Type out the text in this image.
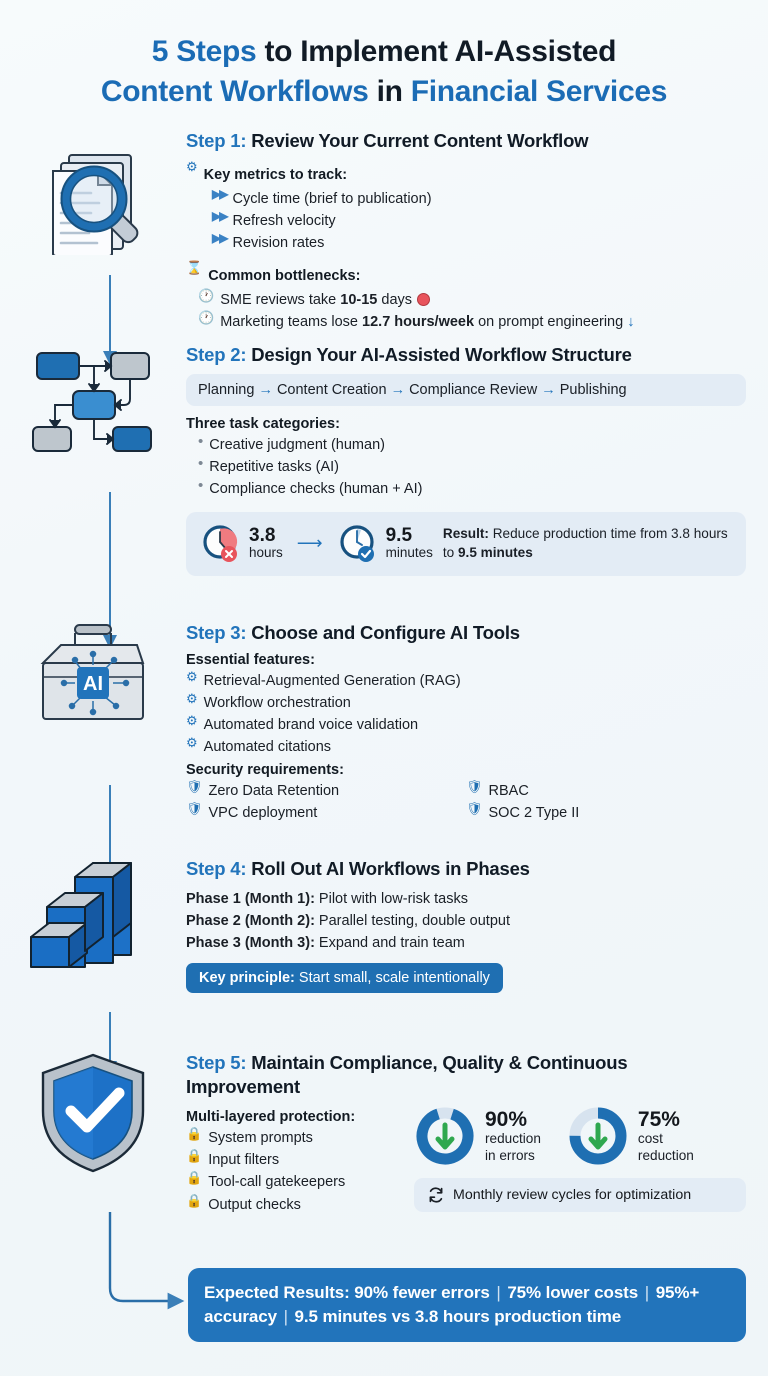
5 Steps to Implement AI-Assisted
Content Workflows in Financial Services
Step 1: Review Your Current Content Workflow
⚙
Key metrics to track:
▶▶ Cycle time (brief to publication)
▶▶ Refresh velocity
▶▶ Revision rates
⌛
Common bottlenecks:
🕐 SME reviews take 10-15 days
🕐 Marketing teams lose 12.7 hours/week on prompt engineering ↓
Step 2: Design Your AI-Assisted Workflow Structure
Planning → Content Creation → Compliance Review → Publishing
Three task categories:
• Creative judgment (human)
• Repetitive tasks (AI)
• Compliance checks (human + AI)
3.8
hours ⟶	9.5
minutes
Result: Reduce production time from 3.8 hours to 9.5 minutes
AI
Step 3: Choose and Configure AI Tools
Essential features:
⚙ Retrieval-Augmented Generation (RAG)
⚙ Workflow orchestration
⚙ Automated brand voice validation
⚙ Automated citations
Security requirements:
🛡 Zero Data Retention
🛡 VPC deployment
🛡 RBAC
🛡 SOC 2 Type II
Step 4: Roll Out AI Workflows in Phases
Phase 1 (Month 1): Pilot with low-risk tasks
Phase 2 (Month 2): Parallel testing, double output
Phase 3 (Month 3): Expand and train team
Key principle: Start small, scale intentionally
Step 5: Maintain Compliance, Quality & Continuous Improvement
Multi-layered protection:
🔒 System prompts
🔒 Input filters
🔒 Tool-call gatekeepers
🔒 Output checks
90%
reduction
in errors
75%
cost
reduction
Monthly review cycles for optimization
Expected Results: 90% fewer errors | 75% lower costs | 95%+ accuracy | 9.5 minutes vs 3.8 hours production time
